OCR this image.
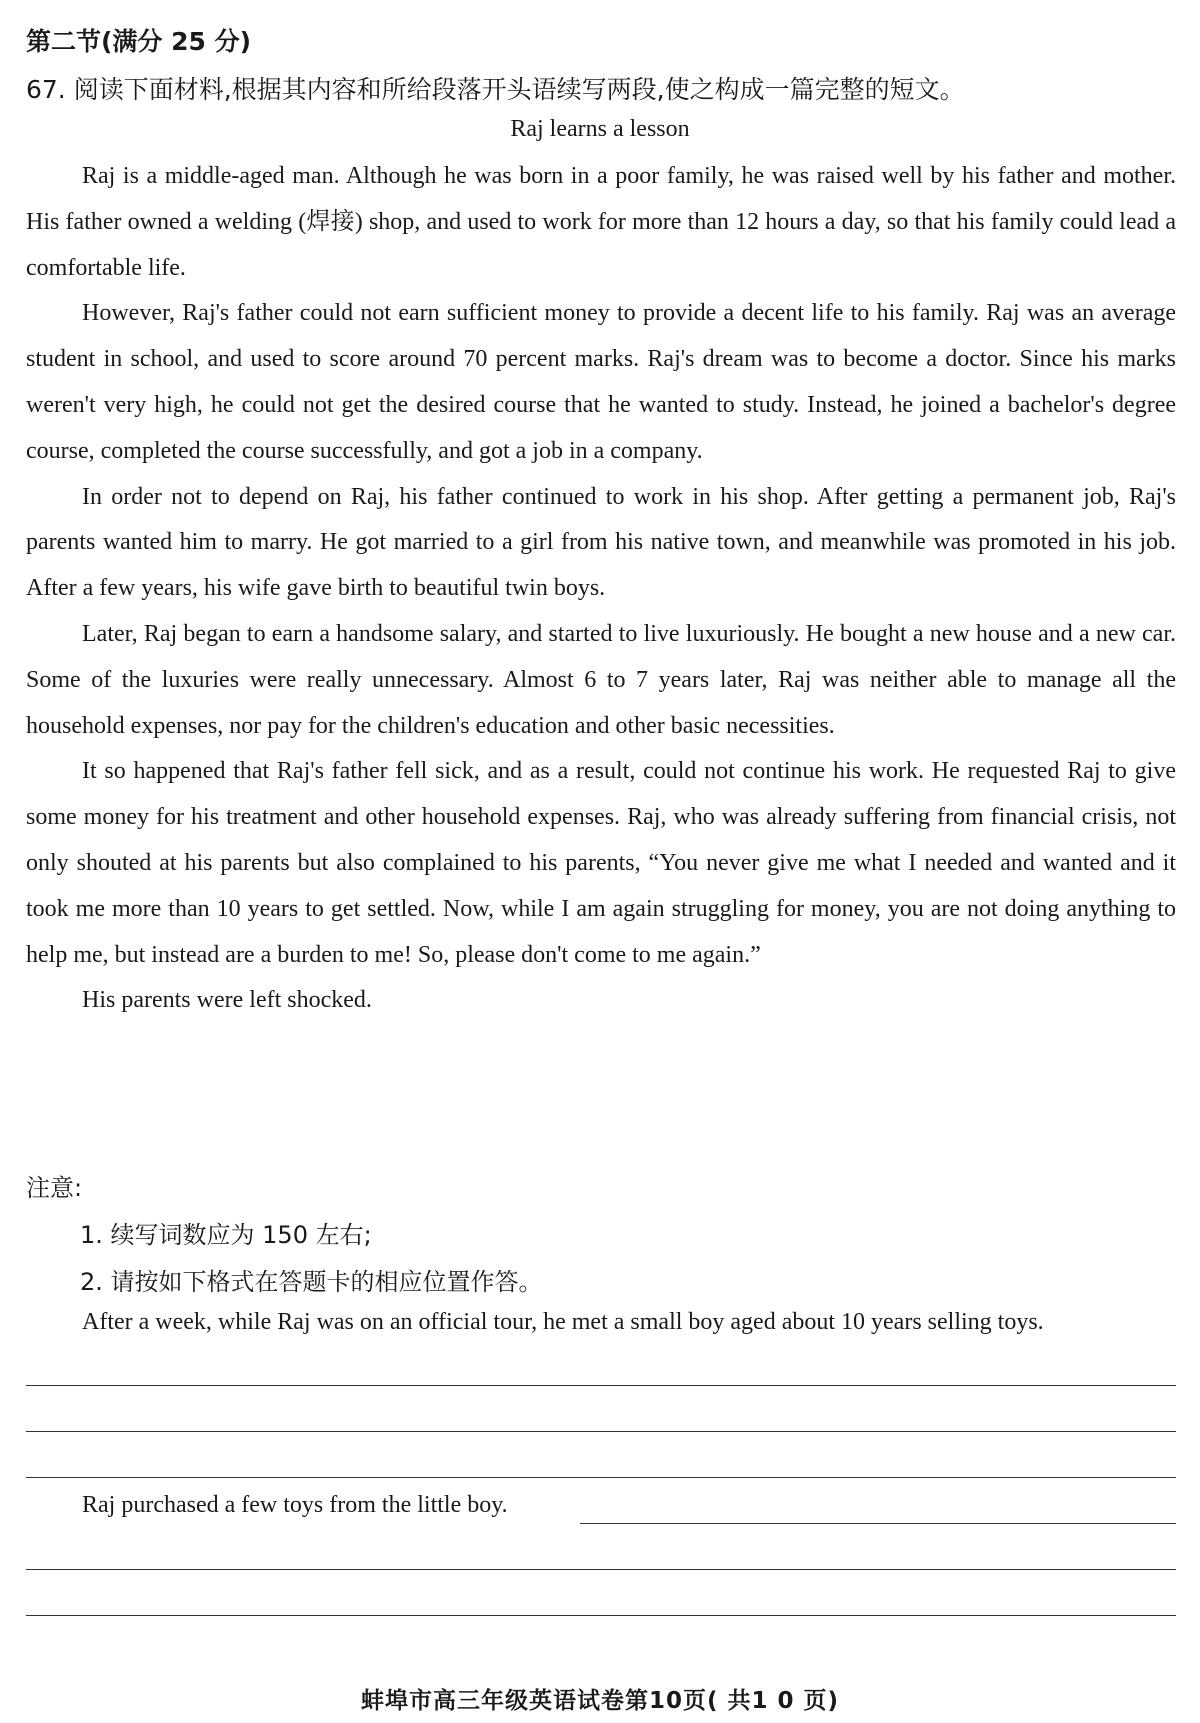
第二节(满分 25 分)
67. 阅读下面材料,根据其内容和所给段落开头语续写两段,使之构成一篇完整的短文。
Raj learns a lesson

Raj is a middle-aged man. Although he was born in a poor family, he was raised well by his father and mother. His father owned a welding (焊接) shop, and used to work for more than 12 hours a day, so that his family could lead a comfortable life.

However, Raj's father could not earn sufficient money to provide a decent life to his family. Raj was an average student in school, and used to score around 70 percent marks. Raj's dream was to become a doctor. Since his marks weren't very high, he could not get the desired course that he wanted to study. Instead, he joined a bachelor's degree course, completed the course successfully, and got a job in a company.

In order not to depend on Raj, his father continued to work in his shop. After getting a permanent job, Raj's parents wanted him to marry. He got married to a girl from his native town, and meanwhile was promoted in his job. After a few years, his wife gave birth to beautiful twin boys.

Later, Raj began to earn a handsome salary, and started to live luxuriously. He bought a new house and a new car. Some of the luxuries were really unnecessary. Almost 6 to 7 years later, Raj was neither able to manage all the household expenses, nor pay for the children's education and other basic necessities.

It so happened that Raj's father fell sick, and as a result, could not continue his work. He requested Raj to give some money for his treatment and other household expenses. Raj, who was already suffering from financial crisis, not only shouted at his parents but also complained to his parents, “You never give me what I needed and wanted and it took me more than 10 years to get settled. Now, while I am again struggling for money, you are not doing anything to help me, but instead are a burden to me! So, please don't come to me again.”

His parents were left shocked.

注意:
1. 续写词数应为 150 左右;
2. 请按如下格式在答题卡的相应位置作答。
After a week, while Raj was on an official tour, he met a small boy aged about 10 years selling toys.
Raj purchased a few toys from the little boy.
蚌埠市高三年级英语试卷第10页( 共1 0 页)
